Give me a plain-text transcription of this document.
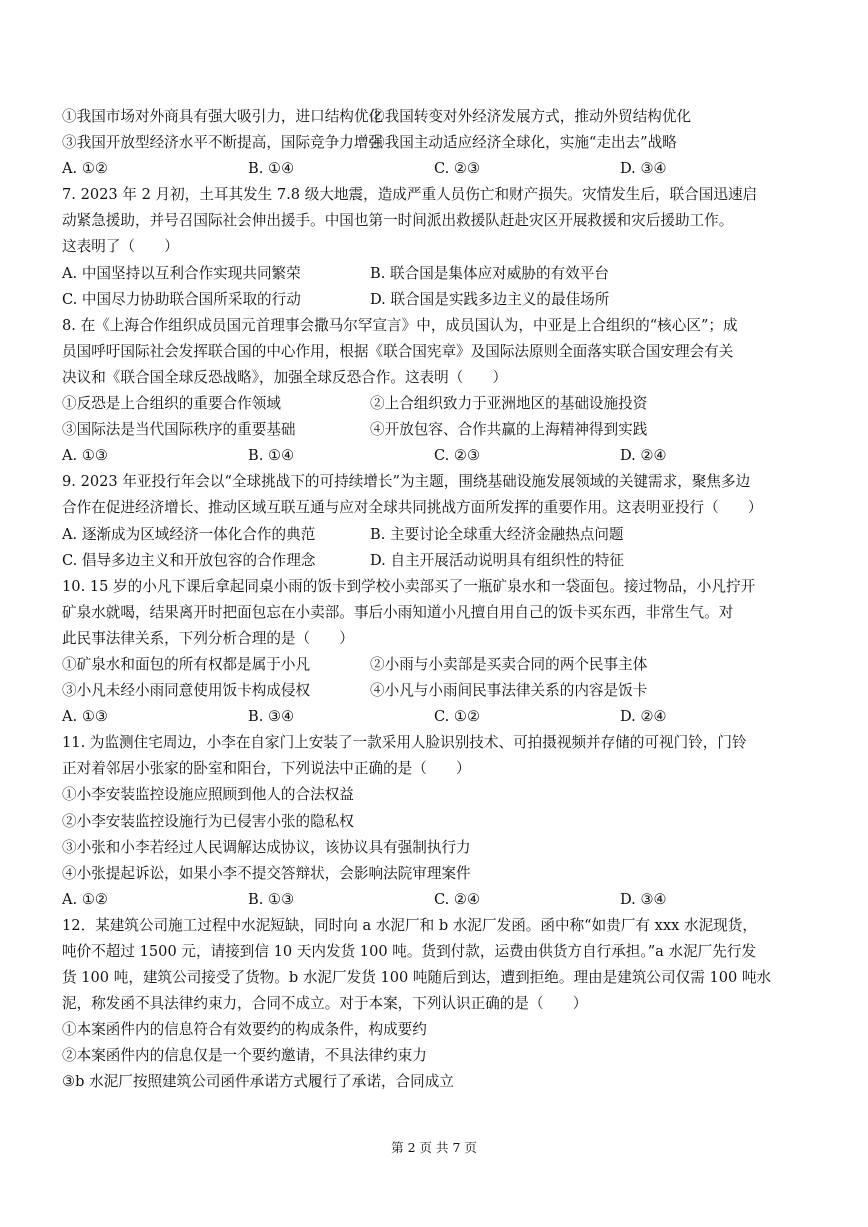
①我国市场对外商具有强大吸引力，进口结构优化
②我国转变对外经济发展方式，推动外贸结构优化
③我国开放型经济水平不断提高，国际竞争力增强
④我国主动适应经济全球化，实施“走出去”战略
A. ①②	B. ①④	C. ②③	D. ③④
7. 2023 年 2 月初，土耳其发生 7.8 级大地震，造成严重人员伤亡和财产损失。灾情发生后，联合国迅速启
动紧急援助，并号召国际社会伸出援手。中国也第一时间派出救援队赶赴灾区开展救援和灾后援助工作。
这表明了（　　）
A. 中国坚持以互利合作实现共同繁荣	B. 联合国是集体应对威胁的有效平台
C. 中国尽力协助联合国所采取的行动	D. 联合国是实践多边主义的最佳场所
8. 在《上海合作组织成员国元首理事会撒马尔罕宣言》中，成员国认为，中亚是上合组织的“核心区”；成
员国呼吁国际社会发挥联合国的中心作用，根据《联合国宪章》及国际法原则全面落实联合国安理会有关
决议和《联合国全球反恐战略》，加强全球反恐合作。这表明（　　）
①反恐是上合组织的重要合作领域	②上合组织致力于亚洲地区的基础设施投资
③国际法是当代国际秩序的重要基础	④开放包容、合作共赢的上海精神得到实践
A. ①③	B. ①④	C. ②③	D. ②④
9. 2023 年亚投行年会以“全球挑战下的可持续增长”为主题，围绕基础设施发展领域的关键需求，聚焦多边
合作在促进经济增长、推动区域互联互通与应对全球共同挑战方面所发挥的重要作用。这表明亚投行（　　）
A. 逐渐成为区域经济一体化合作的典范	B. 主要讨论全球重大经济金融热点问题
C. 倡导多边主义和开放包容的合作理念	D. 自主开展活动说明具有组织性的特征
10. 15 岁的小凡下课后拿起同桌小雨的饭卡到学校小卖部买了一瓶矿泉水和一袋面包。接过物品，小凡拧开
矿泉水就喝，结果离开时把面包忘在小卖部。事后小雨知道小凡擅自用自己的饭卡买东西，非常生气。对
此民事法律关系，下列分析合理的是（　　）
①矿泉水和面包的所有权都是属于小凡	②小雨与小卖部是买卖合同的两个民事主体
③小凡未经小雨同意使用饭卡构成侵权	④小凡与小雨间民事法律关系的内容是饭卡
A. ①③	B. ③④	C. ①②	D. ②④
11. 为监测住宅周边，小李在自家门上安装了一款采用人脸识别技术、可拍摄视频并存储的可视门铃，门铃
正对着邻居小张家的卧室和阳台，下列说法中正确的是（　　）
①小李安装监控设施应照顾到他人的合法权益
②小李安装监控设施行为已侵害小张的隐私权
③小张和小李若经过人民调解达成协议，该协议具有强制执行力
④小张提起诉讼，如果小李不提交答辩状，会影响法院审理案件
A. ①②	B. ①③	C. ②④	D. ③④
12．某建筑公司施工过程中水泥短缺，同时向 a 水泥厂和 b 水泥厂发函。函中称“如贵厂有 xxx 水泥现货，
吨价不超过 1500 元，请接到信 10 天内发货 100 吨。货到付款，运费由供货方自行承担。”a 水泥厂先行发
货 100 吨，建筑公司接受了货物。b 水泥厂发货 100 吨随后到达，遭到拒绝。理由是建筑公司仅需 100 吨水
泥，称发函不具法律约束力，合同不成立。对于本案，下列认识正确的是（　　）
①本案函件内的信息符合有效要约的构成条件，构成要约
②本案函件内的信息仅是一个要约邀请，不具法律约束力
③b 水泥厂按照建筑公司函件承诺方式履行了承诺，合同成立
第 2 页 共 7 页
